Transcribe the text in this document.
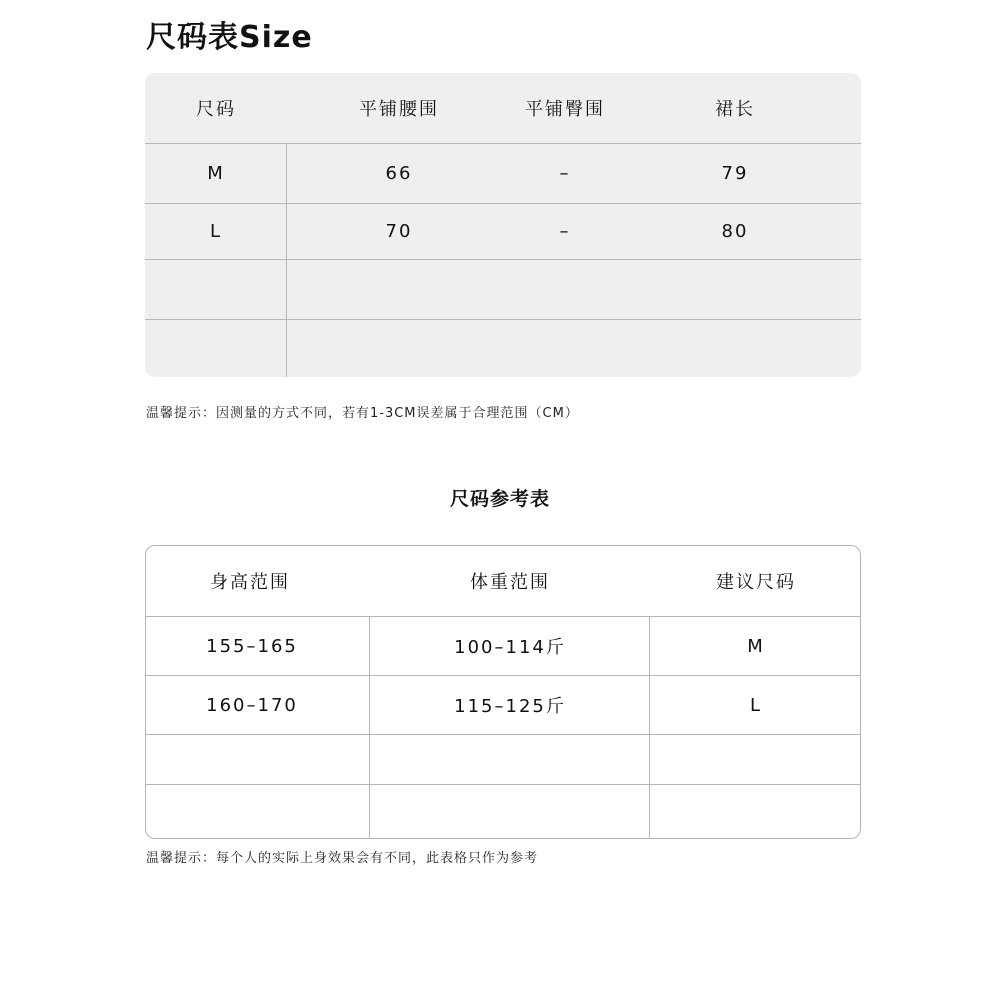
尺码表Size
尺码	平铺腰围	平铺臀围	裙长
M	66	–	79
L	70	–	80
温馨提示：因测量的方式不同，若有1-3CM误差属于合理范围（CM）
尺码参考表
身高范围	体重范围	建议尺码
155–165	100–114斤	M
160–170	115–125斤	L
温馨提示：每个人的实际上身效果会有不同，此表格只作为参考
